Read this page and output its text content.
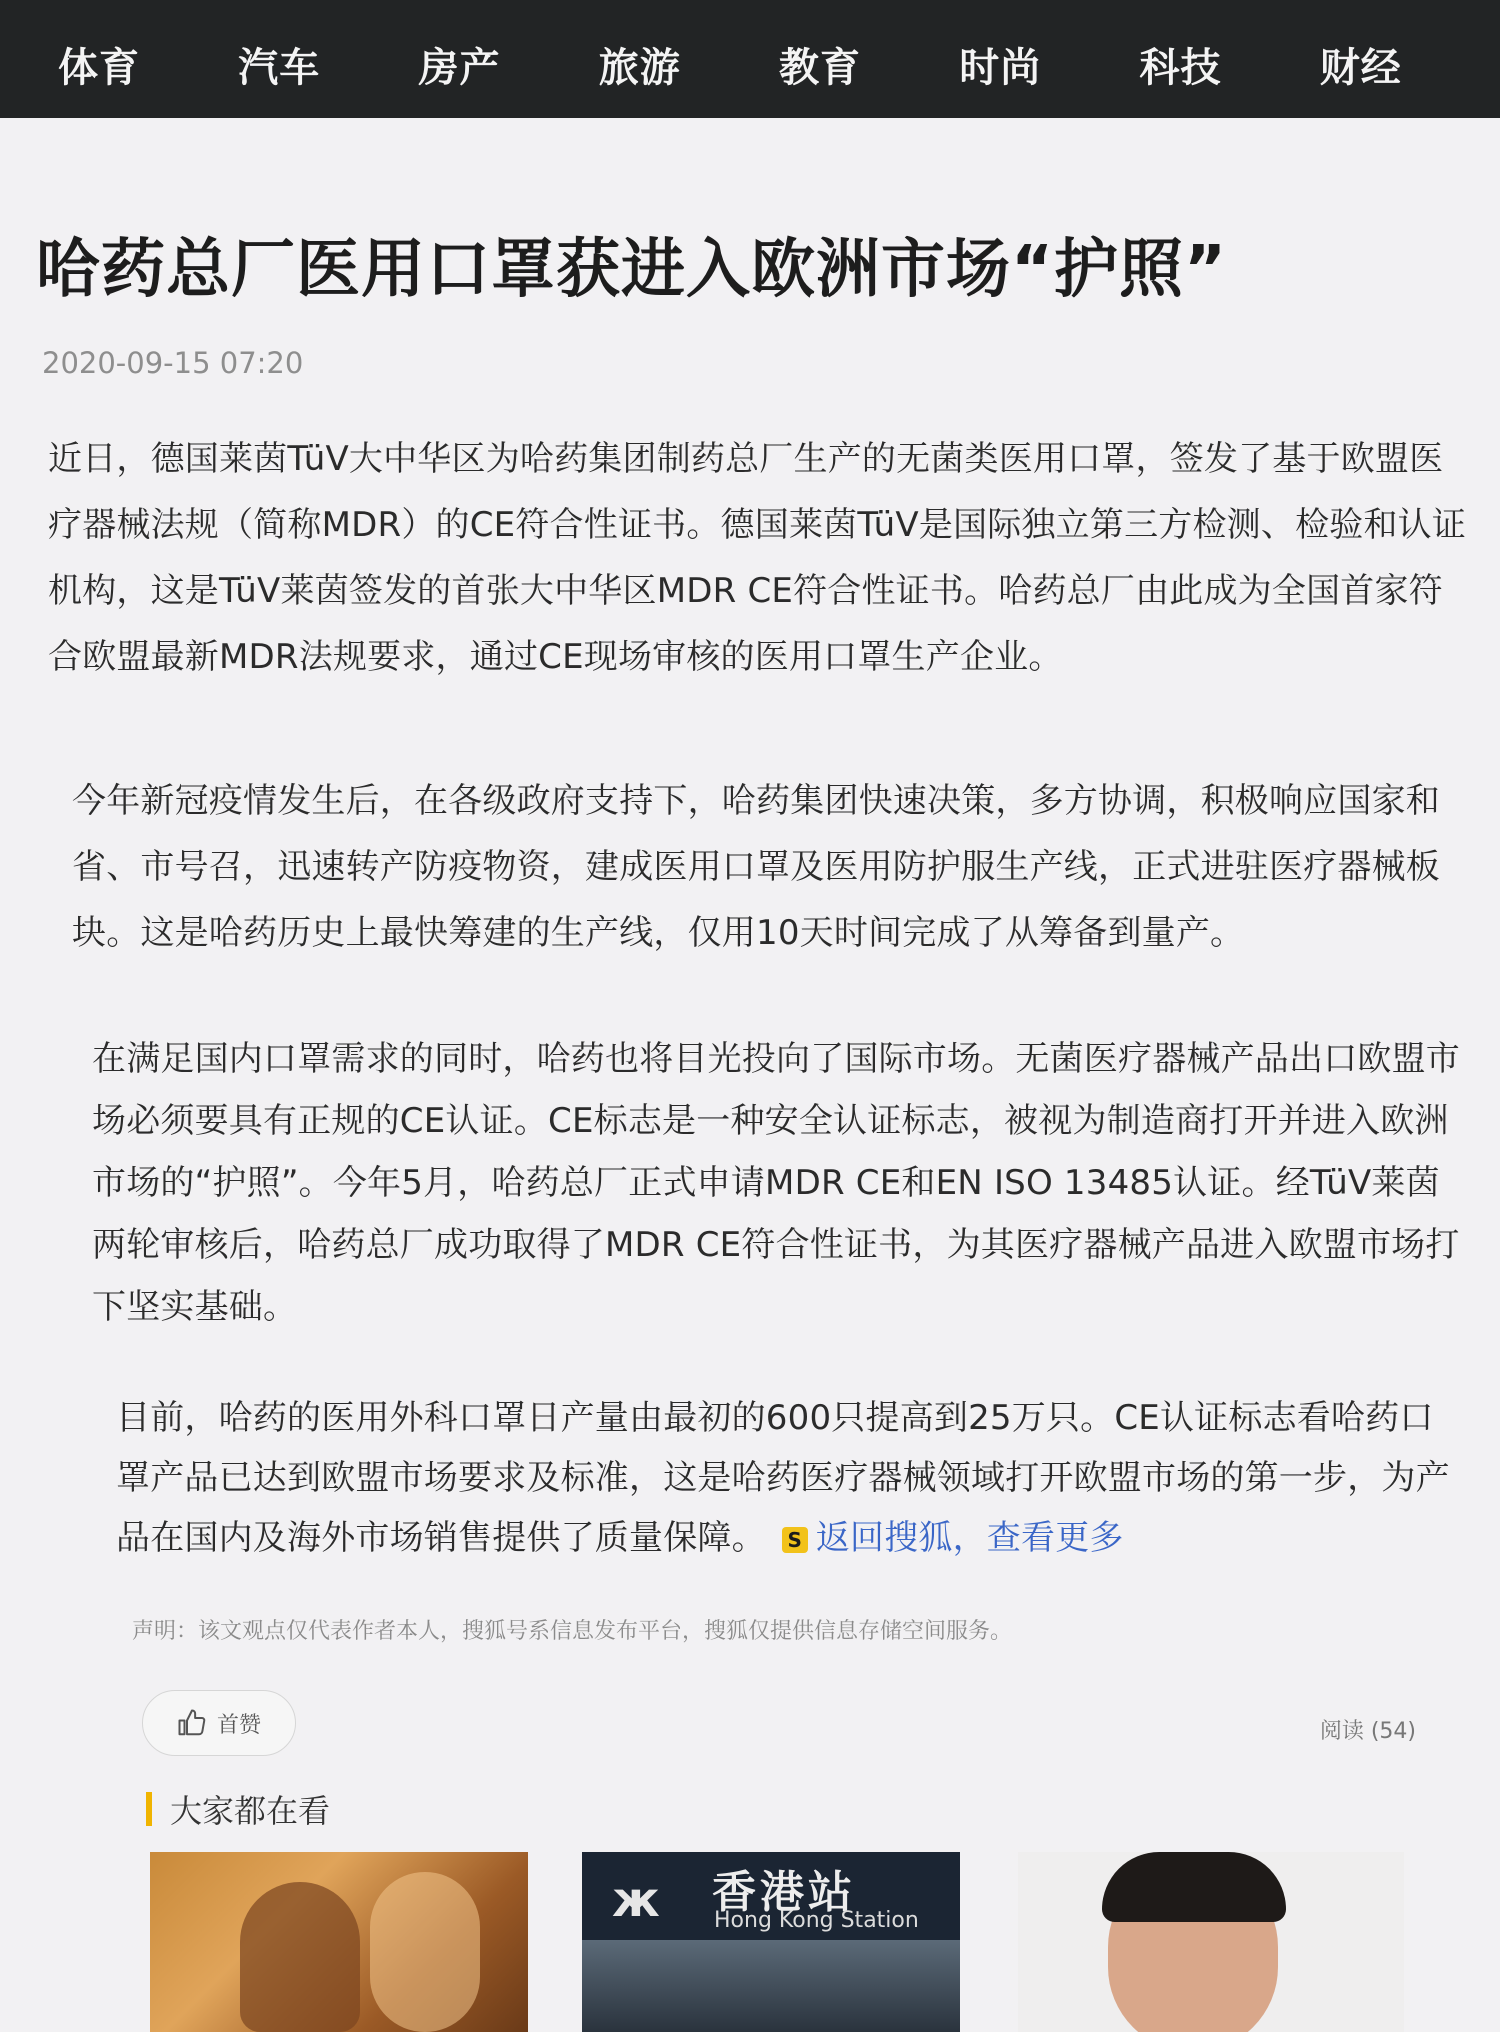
体育	汽车	房产	旅游	教育	时尚	科技	财经
哈药总厂医用口罩获进入欧洲市场“护照”
2020-09-15 07:20
近日，德国莱茵TüV大中华区为哈药集团制药总厂生产的无菌类医用口罩，签发了基于欧盟医疗器械法规（简称MDR）的CE符合性证书。德国莱茵TüV是国际独立第三方检测、检验和认证机构，这是TüV莱茵签发的首张大中华区MDR CE符合性证书。哈药总厂由此成为全国首家符合欧盟最新MDR法规要求，通过CE现场审核的医用口罩生产企业。
今年新冠疫情发生后，在各级政府支持下，哈药集团快速决策，多方协调，积极响应国家和省、市号召，迅速转产防疫物资，建成医用口罩及医用防护服生产线，正式进驻医疗器械板块。这是哈药历史上最快筹建的生产线，仅用10天时间完成了从筹备到量产。
在满足国内口罩需求的同时，哈药也将目光投向了国际市场。无菌医疗器械产品出口欧盟市场必须要具有正规的CE认证。CE标志是一种安全认证标志，被视为制造商打开并进入欧洲市场的“护照”。今年5月，哈药总厂正式申请MDR CE和EN ISO 13485认证。经TüV莱茵两轮审核后，哈药总厂成功取得了MDR CE符合性证书，为其医疗器械产品进入欧盟市场打下坚实基础。
目前，哈药的医用外科口罩日产量由最初的600只提高到25万只。CE认证标志看哈药口罩产品已达到欧盟市场要求及标准，这是哈药医疗器械领域打开欧盟市场的第一步，为产品在国内及海外市场销售提供了质量保障。 S 返回搜狐，查看更多
声明：该文观点仅代表作者本人，搜狐号系信息发布平台，搜狐仅提供信息存储空间服务。
首赞	阅读 (54)
大家都在看
ж 香港站
Hong Kong Station
